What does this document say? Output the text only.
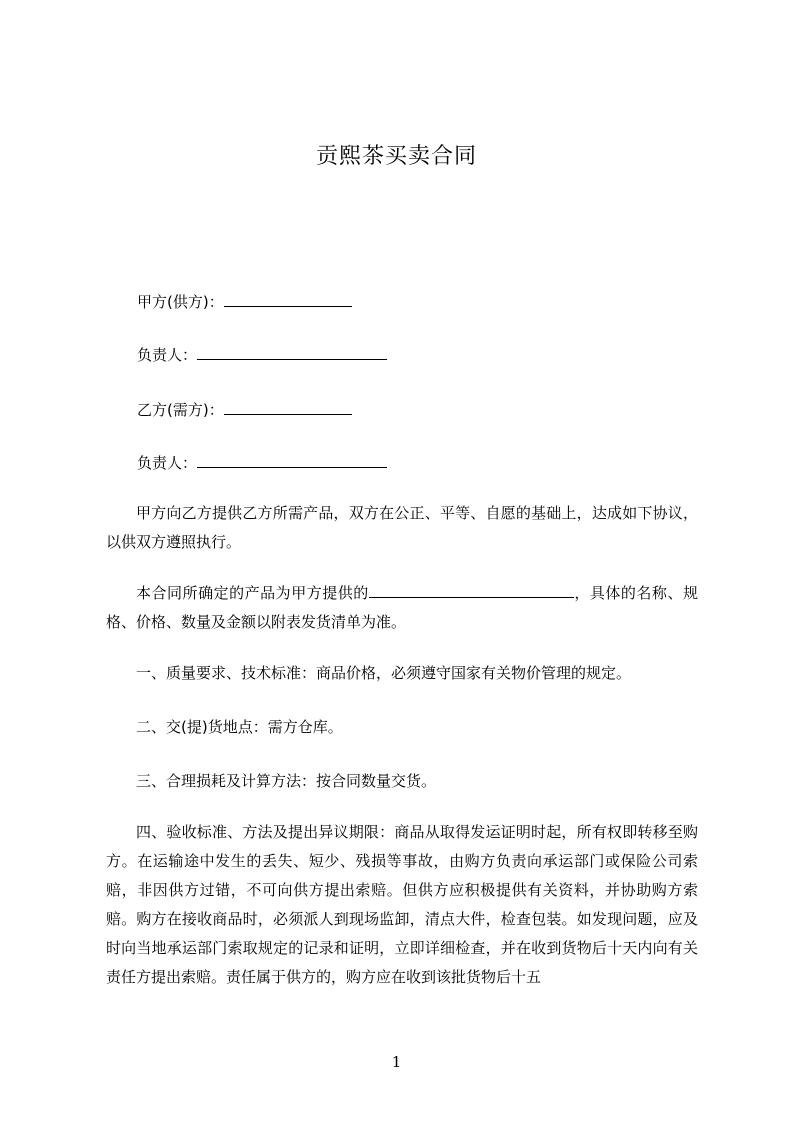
贡熙茶买卖合同
甲方(供方)：
负责人：
乙方(需方)：
负责人：

甲方向乙方提供乙方所需产品，双方在公正、平等、自愿的基础上，达成如下协议，以供双方遵照执行。

本合同所确定的产品为甲方提供的	，具体的名称、规格、价格、数量及金额以附表发货清单为准。

一、质量要求、技术标准：商品价格，必须遵守国家有关物价管理的规定。

二、交(提)货地点：需方仓库。

三、合理损耗及计算方法：按合同数量交货。

四、验收标准、方法及提出异议期限：商品从取得发运证明时起，所有权即转移至购方。在运输途中发生的丢失、短少、残损等事故，由购方负责向承运部门或保险公司索赔，非因供方过错，不可向供方提出索赔。但供方应积极提供有关资料，并协助购方索赔。购方在接收商品时，必须派人到现场监卸，清点大件，检查包装。如发现问题，应及时向当地承运部门索取规定的记录和证明，立即详细检查，并在收到货物后十天内向有关责任方提出索赔。责任属于供方的，购方应在收到该批货物后十五

1
